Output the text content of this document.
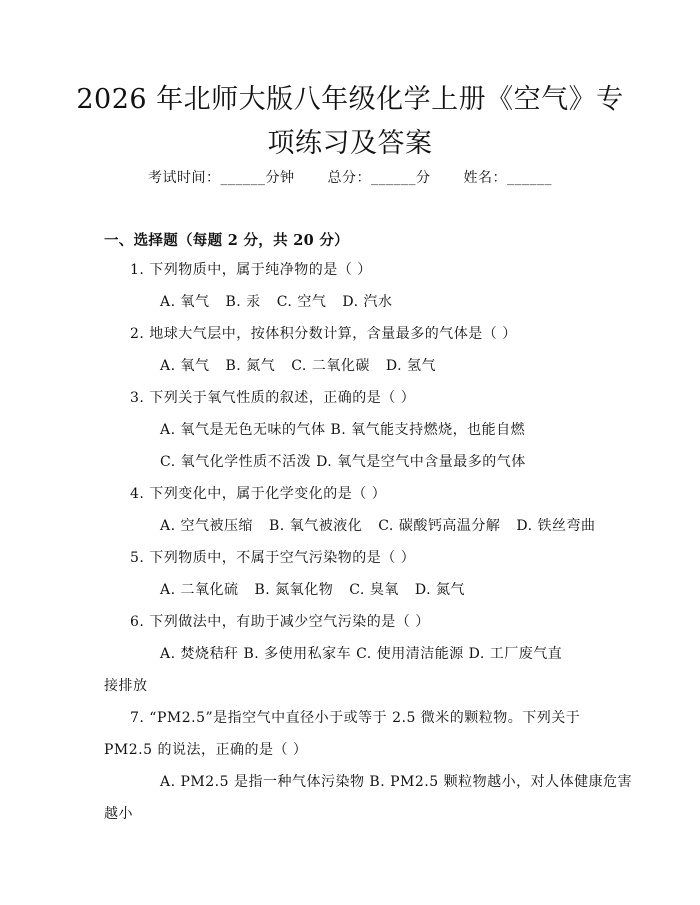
2026 年北师大版八年级化学上册《空气》专
项练习及答案
考试时间：______分钟 总分：______分 姓名：______
一、选择题（每题 2 分，共 20 分）
1. 下列物质中，属于纯净物的是（ ）
A. 氧气 B. 汞 C. 空气 D. 汽水
2. 地球大气层中，按体积分数计算，含量最多的气体是（ ）
A. 氧气 B. 氮气 C. 二氧化碳 D. 氢气
3. 下列关于氧气性质的叙述，正确的是（ ）
A. 氧气是无色无味的气体 B. 氧气能支持燃烧，也能自燃
C. 氧气化学性质不活泼 D. 氧气是空气中含量最多的气体
4. 下列变化中，属于化学变化的是（ ）
A. 空气被压缩 B. 氧气被液化 C. 碳酸钙高温分解 D. 铁丝弯曲
5. 下列物质中，不属于空气污染物的是（ ）
A. 二氧化硫 B. 氮氧化物 C. 臭氧 D. 氮气
6. 下列做法中，有助于减少空气污染的是（ ）
A. 焚烧秸秆 B. 多使用私家车 C. 使用清洁能源 D. 工厂废气直
接排放
7. “PM2.5”是指空气中直径小于或等于 2.5 微米的颗粒物。下列关于
PM2.5 的说法，正确的是（ ）
A. PM2.5 是指一种气体污染物 B. PM2.5 颗粒物越小，对人体健康危害
越小
